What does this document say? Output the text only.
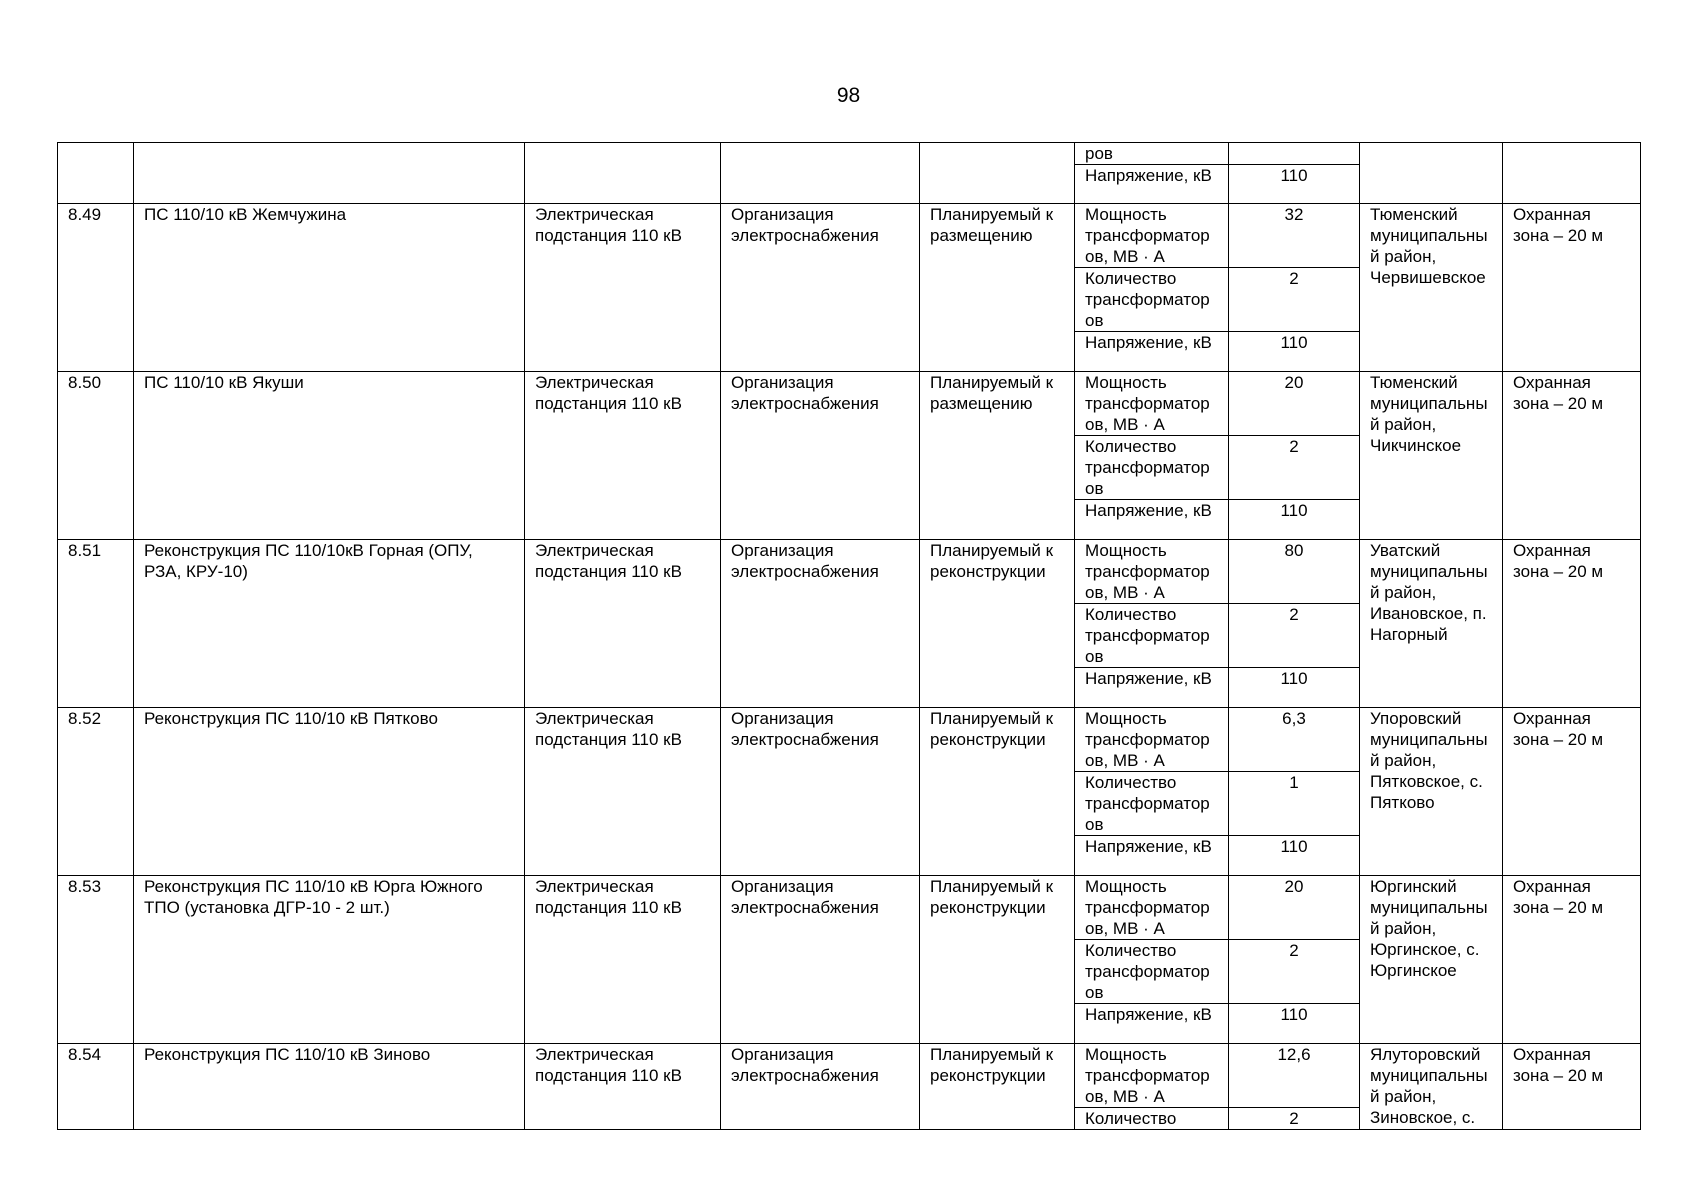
98
					ров			
					Напряжение, кВ	110		
8.49	ПС 110/10 кВ Жемчужина	Электрическая подстанция 110 кВ	Организация электроснабжения	Планируемый к размещению	Мощность трансформаторов, МВ · А	32	Тюменский муниципальный район, Червишевское	Охранная зона – 20 м
					Количество трансформаторов	2		
					Напряжение, кВ	110		
8.50	ПС 110/10 кВ Якуши	Электрическая подстанция 110 кВ	Организация электроснабжения	Планируемый к размещению	Мощность трансформаторов, МВ · А	20	Тюменский муниципальный район, Чикчинское	Охранная зона – 20 м
					Количество трансформаторов	2		
					Напряжение, кВ	110		
8.51	Реконструкция ПС 110/10кВ Горная (ОПУ, РЗА, КРУ-10)	Электрическая подстанция 110 кВ	Организация электроснабжения	Планируемый к реконструкции	Мощность трансформаторов, МВ · А	80	Уватский муниципальный район, Ивановское, п. Нагорный	Охранная зона – 20 м
					Количество трансформаторов	2		
					Напряжение, кВ	110		
8.52	Реконструкция ПС 110/10 кВ Пятково	Электрическая подстанция 110 кВ	Организация электроснабжения	Планируемый к реконструкции	Мощность трансформаторов, МВ · А	6,3	Упоровский муниципальный район, Пятковское, с. Пятково	Охранная зона – 20 м
					Количество трансформаторов	1		
					Напряжение, кВ	110		
8.53	Реконструкция ПС 110/10 кВ Юрга Южного ТПО (установка ДГР-10 - 2 шт.)	Электрическая подстанция 110 кВ	Организация электроснабжения	Планируемый к реконструкции	Мощность трансформаторов, МВ · А	20	Юргинский муниципальный район, Юргинское, с. Юргинское	Охранная зона – 20 м
					Количество трансформаторов	2		
					Напряжение, кВ	110		
8.54	Реконструкция ПС 110/10 кВ Зиново	Электрическая подстанция 110 кВ	Организация электроснабжения	Планируемый к реконструкции	Мощность трансформаторов, МВ · А	12,6	Ялуторовский муниципальный район, Зиновское, с.	Охранная зона – 20 м
					Количество	2		
